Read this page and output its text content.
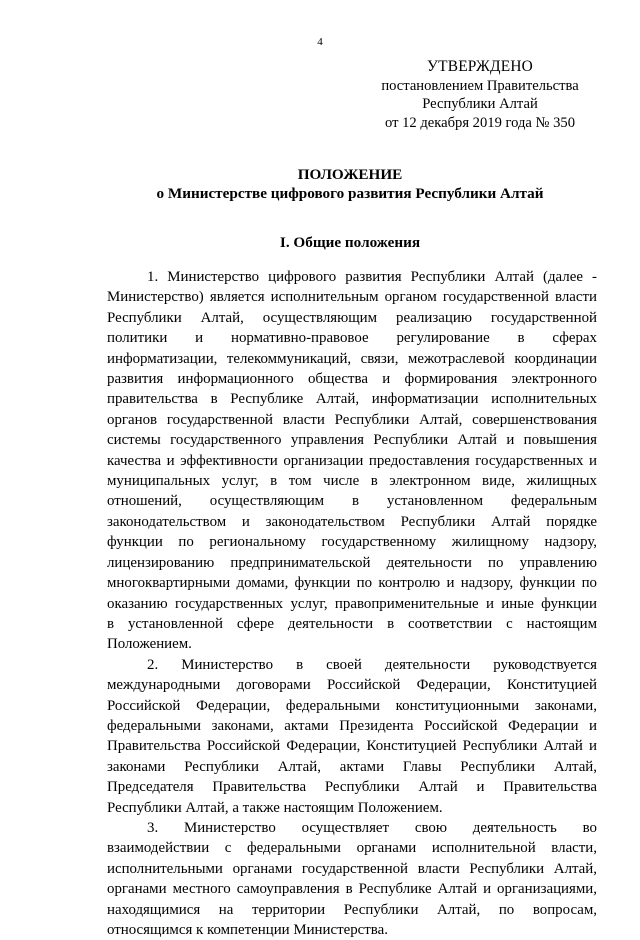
4
УТВЕРЖДЕНО
постановлением Правительства
Республики Алтай
от 12 декабря 2019 года № 350
ПОЛОЖЕНИЕ
о Министерстве цифрового развития Республики Алтай
I. Общие положения
1. Министерство цифрового развития Республики Алтай (далее -
Министерство) является исполнительным органом государственной власти
Республики Алтай, осуществляющим реализацию государственной
политики и нормативно-правовое регулирование в сферах
информатизации, телекоммуникаций, связи, межотраслевой координации
развития информационного общества и формирования электронного
правительства в Республике Алтай, информатизации исполнительных
органов государственной власти Республики Алтай, совершенствования
системы государственного управления Республики Алтай и повышения
качества и эффективности организации предоставления государственных и
муниципальных услуг, в том числе в электронном виде, жилищных
отношений, осуществляющим в установленном федеральным
законодательством и законодательством Республики Алтай порядке
функции по региональному государственному жилищному надзору,
лицензированию предпринимательской деятельности по управлению
многоквартирными домами, функции по контролю и надзору, функции по
оказанию государственных услуг, правоприменительные и иные функции
в установленной сфере деятельности в соответствии с настоящим
Положением.
2. Министерство в своей деятельности руководствуется
международными договорами Российской Федерации, Конституцией
Российской Федерации, федеральными конституционными законами,
федеральными законами, актами Президента Российской Федерации и
Правительства Российской Федерации, Конституцией Республики Алтай и
законами Республики Алтай, актами Главы Республики Алтай,
Председателя Правительства Республики Алтай и Правительства
Республики Алтай, а также настоящим Положением.
3. Министерство осуществляет свою деятельность во
взаимодействии с федеральными органами исполнительной власти,
исполнительными органами государственной власти Республики Алтай,
органами местного самоуправления в Республике Алтай и организациями,
находящимися на территории Республики Алтай, по вопросам,
относящимся к компетенции Министерства.
